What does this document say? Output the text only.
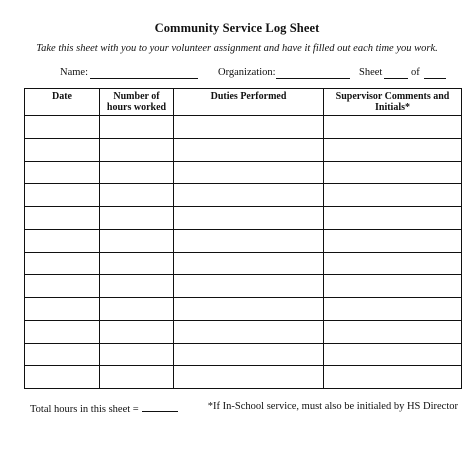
Community Service Log Sheet
Take this sheet with you to your volunteer assignment and have it filled out each time you work.
Name:	Organization:	Sheet	of
Date	Number of hours worked	Duties Performed	Supervisor Comments and Initials*

Total hours in this sheet =	*If In-School service, must also be initialed by HS Director
